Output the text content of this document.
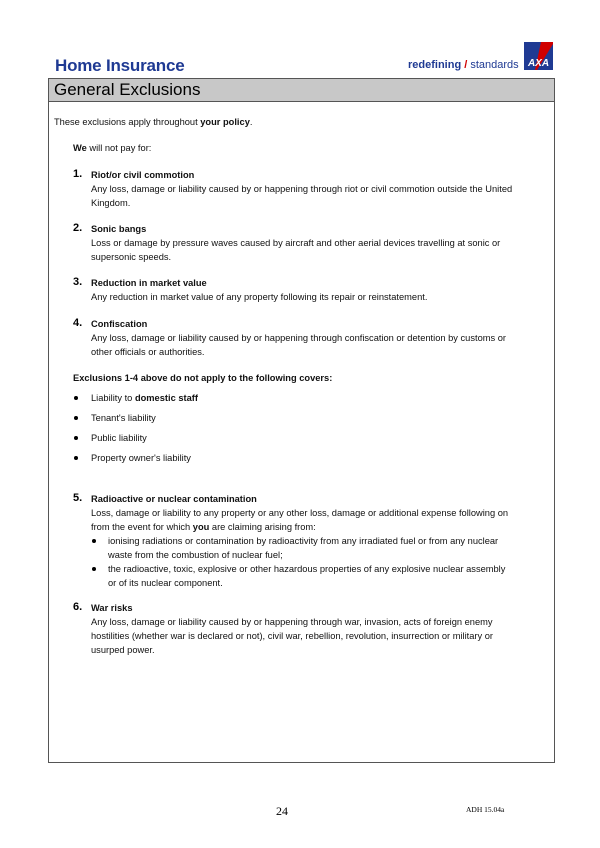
Home Insurance	redefining / standards AXA
General Exclusions
These exclusions apply throughout your policy.
We will not pay for:
1. Riot/or civil commotion
Any loss, damage or liability caused by or happening through riot or civil commotion outside the United
Kingdom.
2. Sonic bangs
Loss or damage by pressure waves caused by aircraft and other aerial devices travelling at sonic or
supersonic speeds.
3. Reduction in market value
Any reduction in market value of any property following its repair or reinstatement.
4. Confiscation
Any loss, damage or liability caused by or happening through confiscation or detention by customs or
other officials or authorities.
Exclusions 1-4 above do not apply to the following covers:
Liability to domestic staff
Tenant's liability
Public liability
Property owner's liability
5. Radioactive or nuclear contamination
Loss, damage or liability to any property or any other loss, damage or additional expense following on
from the event for which you are claiming arising from:
ionising radiations or contamination by radioactivity from any irradiated fuel or from any nuclear
waste from the combustion of nuclear fuel;
the radioactive, toxic, explosive or other hazardous properties of any explosive nuclear assembly
or of its nuclear component.
6. War risks
Any loss, damage or liability caused by or happening through war, invasion, acts of foreign enemy
hostilities (whether war is declared or not), civil war, rebellion, revolution, insurrection or military or
usurped power.
24	ADH 15.04a
